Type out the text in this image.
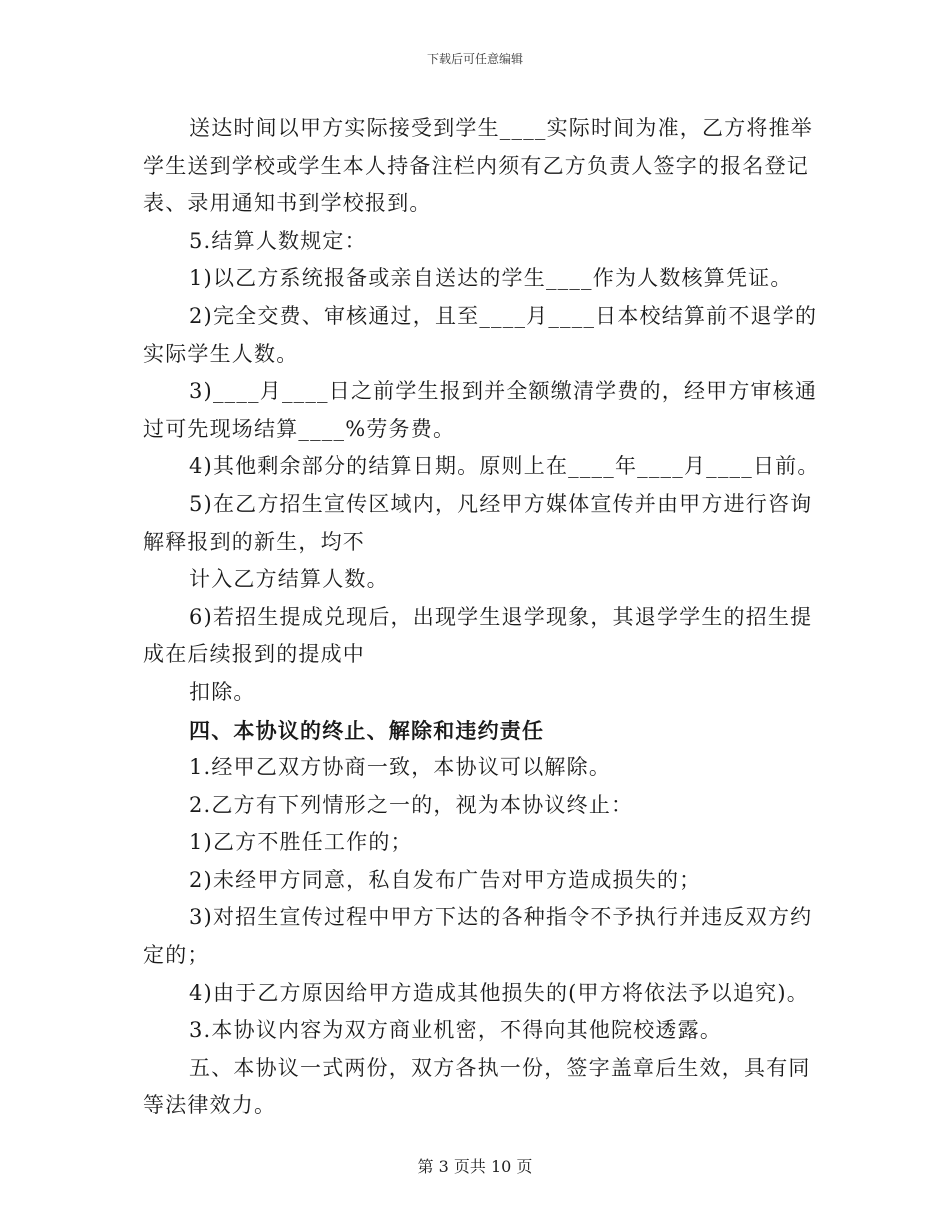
下载后可任意编辑
送达时间以甲方实际接受到学生____实际时间为准，乙方将推举
学生送到学校或学生本人持备注栏内须有乙方负责人签字的报名登记
表、录用通知书到学校报到。
5.结算人数规定：
1)以乙方系统报备或亲自送达的学生____作为人数核算凭证。
2)完全交费、审核通过，且至____月____日本校结算前不退学的
实际学生人数。
3)____月____日之前学生报到并全额缴清学费的，经甲方审核通
过可先现场结算____%劳务费。
4)其他剩余部分的结算日期。原则上在____年____月____日前。
5)在乙方招生宣传区域内，凡经甲方媒体宣传并由甲方进行咨询
解释报到的新生，均不
计入乙方结算人数。
6)若招生提成兑现后，出现学生退学现象，其退学学生的招生提
成在后续报到的提成中
扣除。
四、本协议的终止、解除和违约责任
1.经甲乙双方协商一致，本协议可以解除。
2.乙方有下列情形之一的，视为本协议终止：
1)乙方不胜任工作的；
2)未经甲方同意，私自发布广告对甲方造成损失的；
3)对招生宣传过程中甲方下达的各种指令不予执行并违反双方约
定的；
4)由于乙方原因给甲方造成其他损失的(甲方将依法予以追究)。
3.本协议内容为双方商业机密，不得向其他院校透露。
五、本协议一式两份，双方各执一份，签字盖章后生效，具有同
等法律效力。
第 3 页共 10 页
